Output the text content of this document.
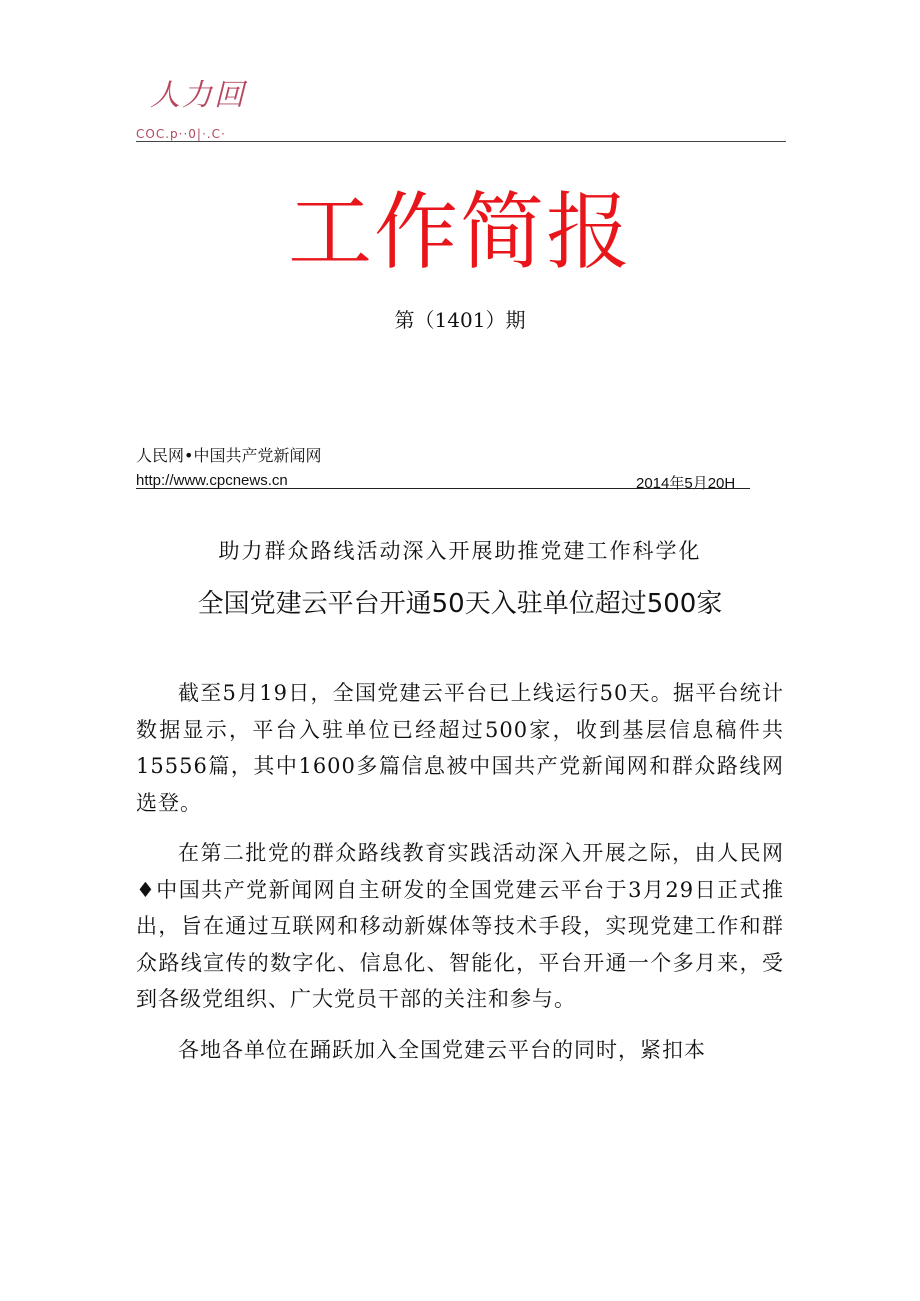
人力回
COC.p··0|·.C·
工作简报
第（1401）期
人民网•中国共产党新闻网
http://www.cpcnews.cn	2014年5月20H
助力群众路线活动深入开展助推党建工作科学化
全国党建云平台开通50天入驻单位超过500家

截至5月19日，全国党建云平台已上线运行50天。据平台统计数据显示，平台入驻单位已经超过500家，收到基层信息稿件共15556篇，其中1600多篇信息被中国共产党新闻网和群众路线网选登。

在第二批党的群众路线教育实践活动深入开展之际，由人民网♦中国共产党新闻网自主研发的全国党建云平台于3月29日正式推出，旨在通过互联网和移动新媒体等技术手段，实现党建工作和群众路线宣传的数字化、信息化、智能化，平台开通一个多月来，受到各级党组织、广大党员干部的关注和参与。

各地各单位在踊跃加入全国党建云平台的同时，紧扣本
